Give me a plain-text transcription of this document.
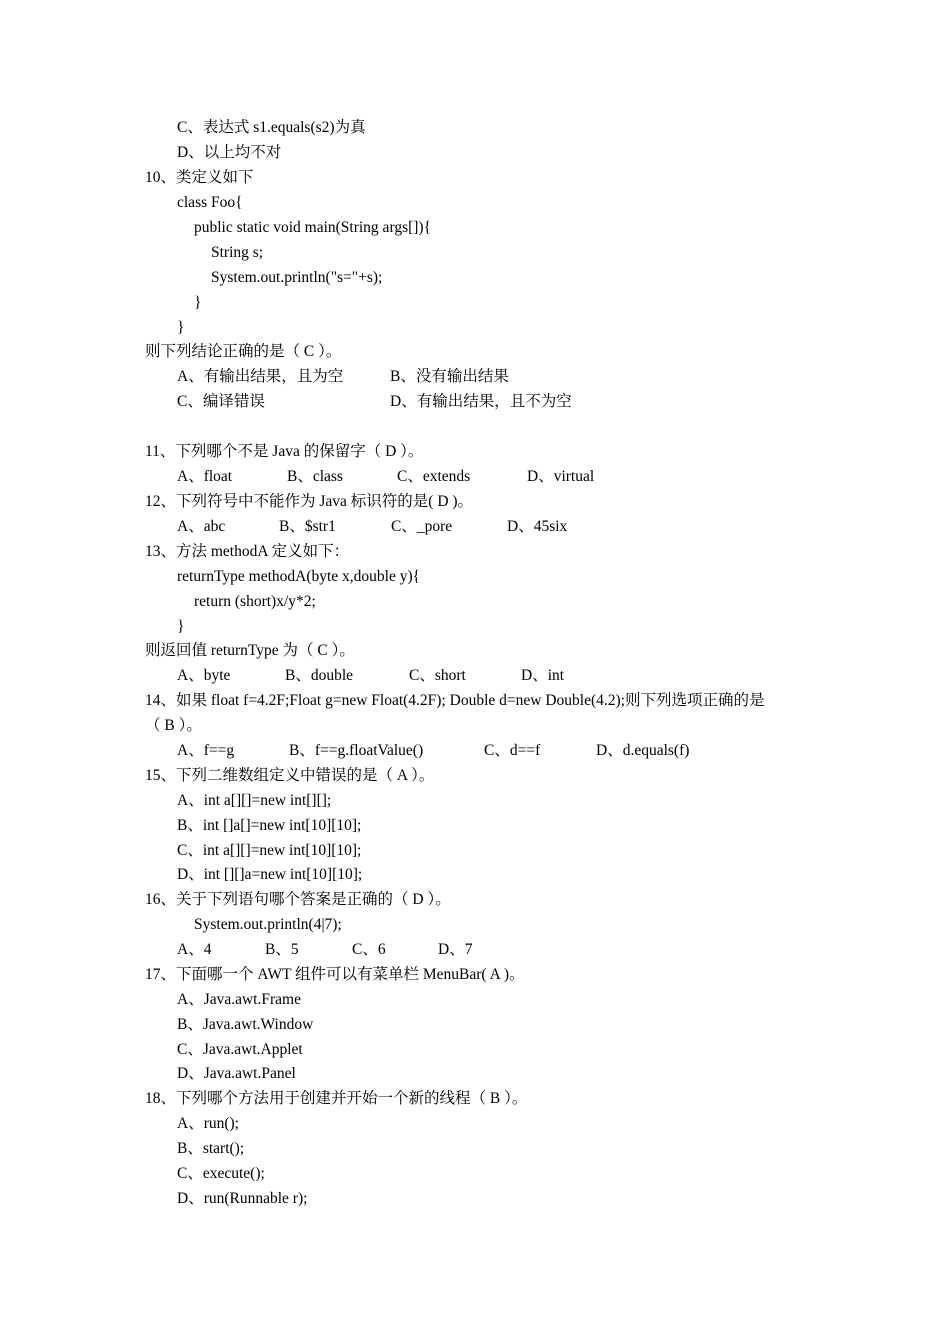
C、表达式 s1.equals(s2)为真
D、以上均不对
10、类定义如下
class Foo{
public static void main(String args[]){
String s;
System.out.println("s="+s);
}
}
则下列结论正确的是（ C ）。
A、有输出结果，且为空	B、没有输出结果
C、编译错误	D、有输出结果，且不为空
11、下列哪个不是 Java 的保留字（ D ）。
A、float	B、class	C、extends	D、virtual
12、下列符号中不能作为 Java 标识符的是( D )。
A、abc	B、$str1	C、_pore	D、45six
13、方法 methodA 定义如下：
returnType methodA(byte x,double y){
return (short)x/y*2;
}
则返回值 returnType 为（ C ）。
A、byte	B、double	C、short	D、int
14、如果 float f=4.2F;Float g=new Float(4.2F); Double d=new Double(4.2);则下列选项正确的是
（ B ）。
A、f==g	B、f==g.floatValue()	C、d==f	D、d.equals(f)
15、下列二维数组定义中错误的是（ A ）。
A、int a[][]=new int[][];
B、int []a[]=new int[10][10];
C、int a[][]=new int[10][10];
D、int [][]a=new int[10][10];
16、关于下列语句哪个答案是正确的（ D ）。
System.out.println(4|7);
A、4	B、5	C、6	D、7
17、下面哪一个 AWT 组件可以有菜单栏 MenuBar( A )。
A、Java.awt.Frame
B、Java.awt.Window
C、Java.awt.Applet
D、Java.awt.Panel
18、下列哪个方法用于创建并开始一个新的线程（ B ）。
A、run();
B、start();
C、execute();
D、run(Runnable r);
